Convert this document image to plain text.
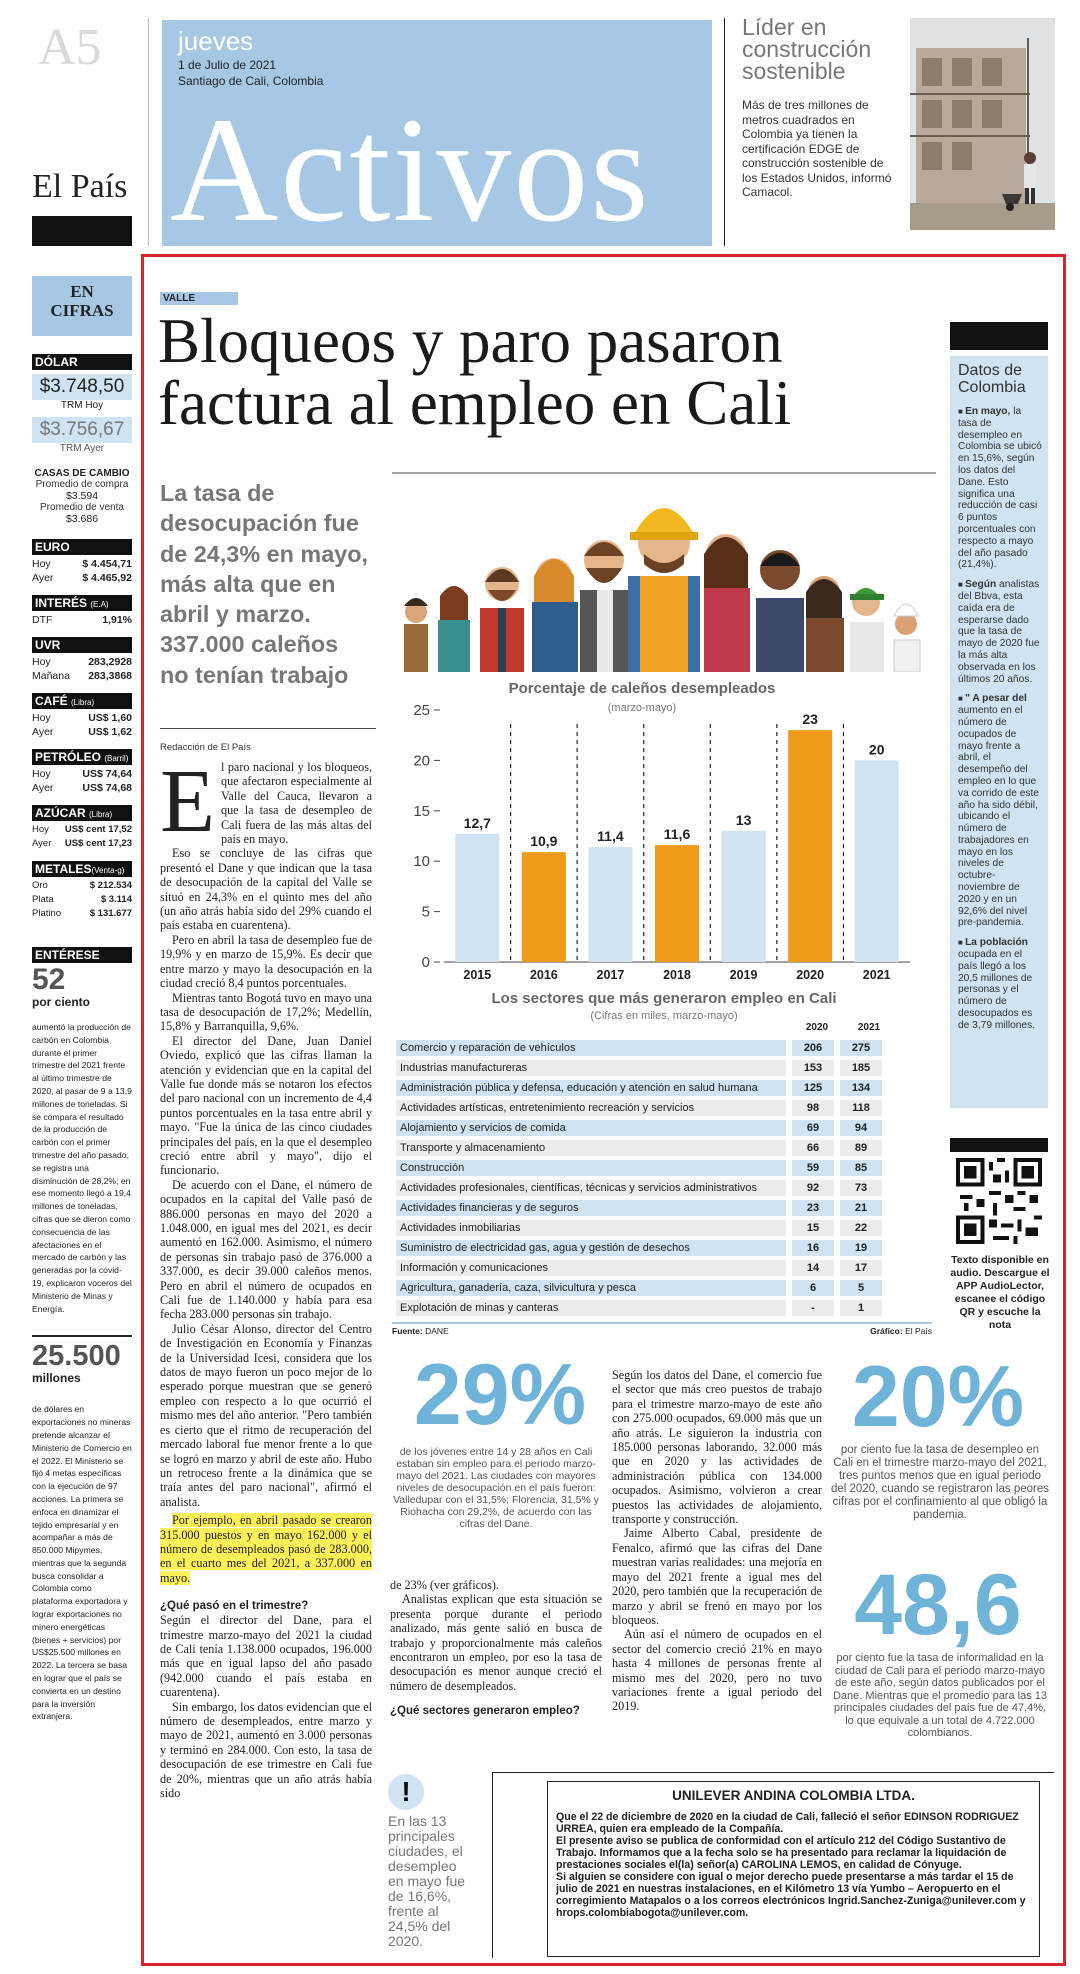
A5
El País
jueves
1 de Julio de 2021
Santiago de Cali, Colombia
Activos
Líder en construcción sostenible
Más de tres millones de metros cuadrados en Colombia ya tienen la certificación EDGE de construcción sostenible de los Estados Unidos, informó Camacol.
EN CIFRAS
DÓLAR
$3.748,50
TRM Hoy
$3.756,67
TRM Ayer
CASAS DE CAMBIO
Promedio de compra
$3.594
Promedio de venta
$3.686
EURO
Hoy	$ 4.454,71
Ayer	$ 4.465,92
INTERÉS (E.A)
DTF	1,91%
UVR
Hoy	283,2928
Mañana 283,3868
CAFÉ (Libra)
Hoy	US$ 1,60
Ayer	US$ 1,62
PETRÓLEO (Barril)
Hoy	US$ 74,64
Ayer	US$ 74,68
AZÚCAR (Libra)
Hoy US$ cent 17,52
Ayer US$ cent 17,23
METALES(Venta-g)
Oro	$ 212.534
Plata	$ 3.114
Platino	$ 131.677
ENTÉRESE
52
por ciento
aumentó la producción de carbón en Colombia durante el primer trimestre del 2021 frente al último trimestre de 2020, al pasar de 9 a 13,9 millones de toneladas. Si se compara el resultado de la producción de carbón con el primer trimestre del año pasado, se registra una disminución de 28,2%; en ese momento llegó a 19,4 millones de toneladas, cifras que se dieron como consecuencia de las afectaciones en el mercado de carbón y las generadas por la covid-19, explicaron voceros del Ministerio de Minas y Energía.
25.500
millones
de dólares en exportaciones no mineras pretende alcanzar el Ministerio de Comercio en el 2022. El Ministerio se fijó 4 metas específicas con la ejecución de 97 acciones. La primera se enfoca en dinamizar el tejido empresarial y en acompañar a más de 850.000 Mipymes, mientras que la segunda busca consolidar a Colombia como plataforma exportadora y lograr exportaciones no minero energéticas (bienes + servicios) por US$25.500 millones en 2022. La tercera se basa en lograr que el país se convierta en un destino para la inversión extranjera.
VALLE
Bloqueos y paro pasaron factura al empleo en Cali
La tasa de desocupación fue de 24,3% en mayo, más alta que en abril y marzo. 337.000 caleños no tenían trabajo
Redacción de El País
El paro nacional y los bloqueos, que afectaron especialmente al Valle del Cauca, llevaron a que la tasa de desempleo de Cali fuera de las más altas del país en mayo.

Eso se concluye de las cifras que presentó el Dane y que indican que la tasa de desocupación de la capital del Valle se situó en 24,3% en el quinto mes del año (un año atrás había sido del 29% cuando el país estaba en cuarentena).

Pero en abril la tasa de desempleo fue de 19,9% y en marzo de 15,9%. Es decir que entre marzo y mayo la desocupación en la ciudad creció 8,4 puntos porcentuales.

Mientras tanto Bogotá tuvo en mayo una tasa de desocupación de 17,2%; Medellín, 15,8% y Barranquilla, 9,6%.

El director del Dane, Juan Daniel Oviedo, explicó que las cifras llaman la atención y evidencian que en la capital del Valle fue donde más se notaron los efectos del paro nacional con un incremento de 4,4 puntos porcentuales en la tasa entre abril y mayo. "Fue la única de las cinco ciudades principales del país, en la que el desempleo creció entre abril y mayo", dijo el funcionario.

De acuerdo con el Dane, el número de ocupados en la capital del Valle pasó de 886.000 personas en mayo del 2020 a 1.048.000, en igual mes del 2021, es decir aumentó en 162.000. Asimismo, el número de personas sin trabajo pasó de 376.000 a 337.000, es decir 39.000 caleños menos. Pero en abril el número de ocupados en Cali fue de 1.140.000 y había para esa fecha 283.000 personas sin trabajo.

Julio César Alonso, director del Centro de Investigación en Economía y Finanzas de la Universidad Icesi, considera que los datos de mayo fueron un poco mejor de lo esperado porque muestran que se generó empleo con respecto a lo que ocurrió el mismo mes del año anterior. "Pero también es cierto que el ritmo de recuperación del mercado laboral fue menor frente a lo que se logró en marzo y abril de este año. Hubo un retroceso frente a la dinámica que se traía antes del paro nacional", afirmó el analista.

Por ejemplo, en abril pasado se crearon 315.000 puestos y en mayo 162.000 y el número de desempleados pasó de 283.000, en el cuarto mes del 2021, a 337.000 en mayo.

¿Qué pasó en el trimestre?

Según el director del Dane, para el trimestre marzo-mayo del 2021 la ciudad de Cali tenía 1.138.000 ocupados, 196.000 más que en igual lapso del año pasado (942.000 cuando el país estaba en cuarentena).

Sin embargo, los datos evidencian que el número de desempleados, entre marzo y mayo de 2021, aumentó en 3.000 personas y terminó en 284.000. Con esto, la tasa de desocupación de ese trimestre en Cali fue de 20%, mientras que un año atrás había sido

Porcentaje de caleños desempleados
(marzo-mayo)
0
5
10
15
20
25
12,7
2015
10,9
2016
11,4
2017
11,6
2018
13
2019
23
2020
20
2021
Los sectores que más generaron empleo en Cali
(Cifras en miles, marzo-mayo)
2020	2021
Comercio y reparación de vehículos	206	275
Industrias manufactureras	153	185
Administración pública y defensa, educación y atención en salud humana	125	134
Actividades artísticas, entretenimiento recreación y servicios	98	118
Alojamiento y servicios de comida	69	94
Transporte y almacenamiento	66	89
Construcción	59	85
Actividades profesionales, científicas, técnicas y servicios administrativos	92	73
Actividades financieras y de seguros	23	21
Actividades inmobiliarias	15	22
Suministro de electricidad gas, agua y gestión de desechos	16	19
Información y comunicaciones	14	17
Agricultura, ganadería, caza, silvicultura y pesca	6	5
Explotación de minas y canteras	-	1
Fuente: DANE	Gráfico: El País
29%
de los jóvenes entre 14 y 28 años en Cali estaban sin empleo para el periodo marzo-mayo del 2021. Las ciudades con mayores niveles de desocupación en el país fueron: Valledupar con el 31,5%; Florencia, 31,5% y Riohacha con 29,2%, de acuerdo con las cifras del Dane.

de 23% (ver gráficos).

Analistas explican que esta situación se presenta porque durante el periodo analizado, más gente salió en busca de trabajo y proporcionalmente más caleños encontraron un empleo, por eso la tasa de desocupación es menor aunque creció el número de desempleados.

¿Qué sectores generaron empleo?

Según los datos del Dane, el comercio fue el sector que más creo puestos de trabajo para el trimestre marzo-mayo de este año con 275.000 ocupados, 69.000 más que un año atrás. Le siguieron la industria con 185.000 personas laborando, 32.000 más que en 2020 y las actividades de administración pública con 134.000 ocupados. Asimismo, volvieron a crear puestos las actividades de alojamiento, transporte y construcción.

Jaime Alberto Cabal, presidente de Fenalco, afirmó que las cifras del Dane muestran varias realidades: una mejoría en mayo del 2021 frente a igual mes del 2020, pero también que la recuperación de marzo y abril se frenó en mayo por los bloqueos.

Aún así el número de ocupados en el sector del comercio creció 21% en mayo hasta 4 millones de personas frente al mismo mes del 2020, pero no tuvo variaciones frente a igual periodo del 2019.

20%
por ciento fue la tasa de desempleo en Cali en el trimestre marzo-mayo del 2021, tres puntos menos que en igual periodo del 2020, cuando se registraron las peores cifras por el confinamiento al que obligó la pandemia.
48,6
por ciento fue la tasa de informalidad en la ciudad de Cali para el periodo marzo-mayo de este año, según datos publicados por el Dane. Mientras que el promedio para las 13 principales ciudades del país fue de 47,4%, lo que equivale a un total de 4.722.000 colombianos.
Datos de Colombia
■ En mayo, la tasa de desempleo en Colombia se ubicó en 15,6%, según los datos del Dane. Esto significa una reducción de casi 6 puntos porcentuales con respecto a mayo del año pasado (21,4%).
■ Según analistas del Bbva, esta caída era de esperarse dado que la tasa de mayo de 2020 fue la más alta observada en los últimos 20 años.
■ " A pesar del aumento en el número de ocupados de mayo frente a abril, el desempeño del empleo en lo que va corrido de este año ha sido débil, ubicando el número de trabajadores en mayo en los niveles de octubre-noviembre de 2020 y en un 92,6% del nivel pre-pandemia.
■ La población ocupada en el país llegó a los 20,5 millones de personas y el número de desocupados es de 3,79 millones.
Texto disponible en audio. Descargue el APP AudioLector, escanee el código QR y escuche la nota
!
En las 13 principales ciudades, el desempleo en mayo fue de 16,6%, frente al 24,5% del 2020.
UNILEVER ANDINA COLOMBIA LTDA.

Que el 22 de diciembre de 2020 en la ciudad de Cali, falleció el señor EDINSON RODRIGUEZ URREA, quien era empleado de la Compañía.

El presente aviso se publica de conformidad con el artículo 212 del Código Sustantivo de Trabajo. Informamos que a la fecha solo se ha presentado para reclamar la liquidación de prestaciones sociales el(la) señor(a) CAROLINA LEMOS, en calidad de Cónyuge.

Si alguien se considere con igual o mejor derecho puede presentarse a más tardar el 15 de julio de 2021 en nuestras instalaciones, en el Kilómetro 13 vía Yumbo – Aeropuerto en el corregimiento Matapalos o a los correos electrónicos Ingrid.Sanchez-Zuniga@unilever.com y hrops.colombiabogota@unilever.com.
